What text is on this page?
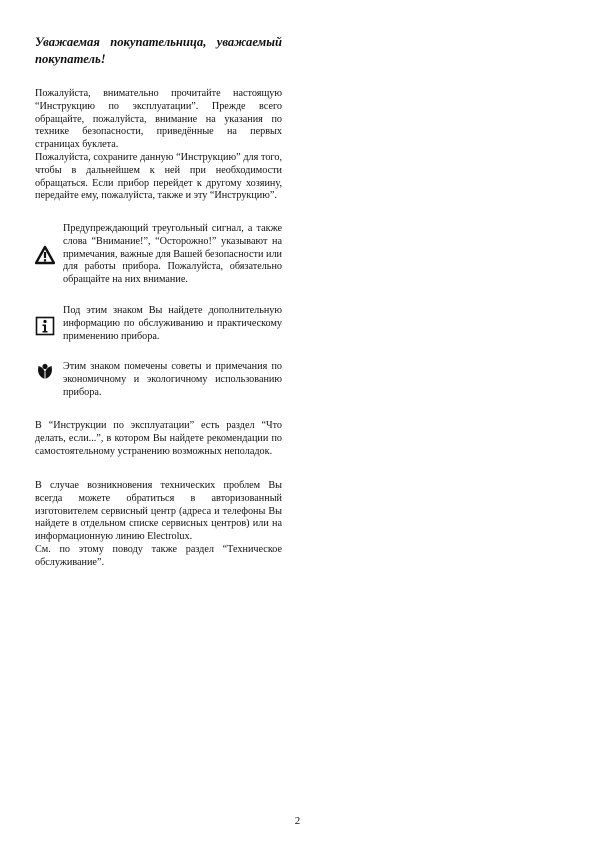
Уважаемая покупательница, уважаемый покупатель!

Пожалуйста, внимательно прочитайте настоящую “Инструкцию по эксплуатации”. Прежде всего обращайте, пожалуйста, внимание на указания по технике безопасности, приведённые на первых страницах буклета.

Пожалуйста, сохраните данную “Инструкцию” для того, чтобы в дальнейшем к ней при необходимости обращаться. Если прибор перейдет к другому хозяину, передайте ему, пожалуйста, также и эту “Инструкцию”.

Предупреждающий треугольный сигнал, а также слова “Внимание!”, “Осторожно!” указывают на примечания, важные для Вашей безопасности или для работы прибора. Пожалуйста, обязательно обращайте на них внимание.

Под этим знаком Вы найдете дополнительную информацию по обслуживанию и практическому применению прибора.

Этим знаком помечены советы и примечания по экономичному и экологичному использованию прибора.

В “Инструкции по эксплуатации” есть раздел “Что делать, если...”, в котором Вы найдете рекомендации по самостоятельному устранению возможных неполадок.

В случае возникновения технических проблем Вы всегда можете обратиться в авторизованный изготовителем сервисный центр (адреса и телефоны Вы найдете в отдельном списке сервисных центров) или на информационную линию Electrolux.

См. по этому поводу также раздел “Техническое обслуживание”.

2
